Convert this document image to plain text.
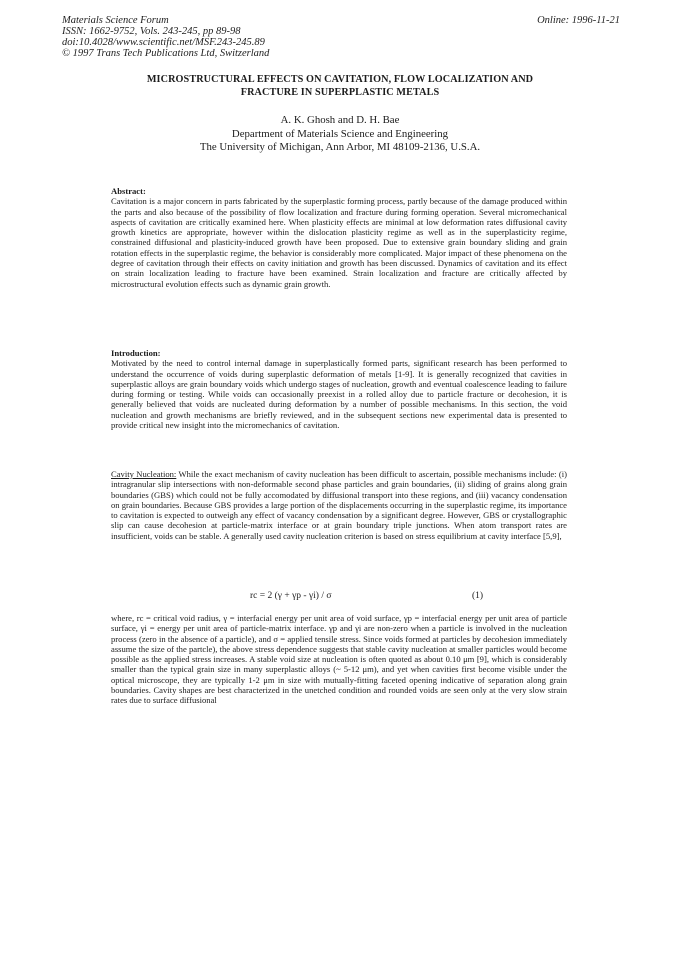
Materials Science Forum
ISSN: 1662-9752, Vols. 243-245, pp 89-98
doi:10.4028/www.scientific.net/MSF.243-245.89
© 1997 Trans Tech Publications Ltd, Switzerland
Online: 1996-11-21
MICROSTRUCTURAL EFFECTS ON CAVITATION, FLOW LOCALIZATION AND
FRACTURE IN SUPERPLASTIC METALS
A. K. Ghosh and D. H. Bae
Department of Materials Science and Engineering
The University of Michigan, Ann Arbor, MI 48109-2136, U.S.A.
Abstract:

Cavitation is a major concern in parts fabricated by the superplastic forming process, partly because of the damage produced within the parts and also because of the possibility of flow localization and fracture during forming operation. Several micromechanical aspects of cavitation are critically examined here. When plasticity effects are minimal at low deformation rates diffusional cavity growth kinetics are appropriate, however within the dislocation plasticity regime as well as in the superplasticity regime, constrained diffusional and plasticity-induced growth have been proposed. Due to extensive grain boundary sliding and grain rotation effects in the superplastic regime, the behavior is considerably more complicated. Major impact of these phenomena on the degree of cavitation through their effects on cavity initiation and growth has been discussed. Dynamics of cavitation and its effect on strain localization leading to fracture have been examined. Strain localization and fracture are critically affected by microstructural evolution effects such as dynamic grain growth.

Introduction:

Motivated by the need to control internal damage in superplastically formed parts, significant research has been performed to understand the occurrence of voids during superplastic deformation of metals [1-9]. It is generally recognized that cavities in superplastic alloys are grain boundary voids which undergo stages of nucleation, growth and eventual coalescence leading to failure during forming or testing. While voids can occasionally preexist in a rolled alloy due to particle fracture or decohesion, it is generally believed that voids are nucleated during deformation by a number of possible mechanisms. In this section, the void nucleation and growth mechanisms are briefly reviewed, and in the subsequent sections new experimental data is presented to provide critical new insight into the micromechanics of cavitation.

Cavity Nucleation: While the exact mechanism of cavity nucleation has been difficult to ascertain, possible mechanisms include: (i) intragranular slip intersections with non-deformable second phase particles and grain boundaries, (ii) sliding of grains along grain boundaries (GBS) which could not be fully accomodated by diffusional transport into these regions, and (iii) vacancy condensation on grain boundaries. Because GBS provides a large portion of the displacements occurring in the superplastic regime, its importance to cavitation is expected to outweigh any effect of vacancy condensation by a significant degree. However, GBS or crystallographic slip can cause decohesion at particle-matrix interface or at grain boundary triple junctions. When atom transport rates are insufficient, voids can be stable. A generally used cavity nucleation criterion is based on stress equilibrium at cavity interface [5,9],

rc = 2 (γ + γp - γi) / σ	(1)

where, rc = critical void radius, γ = interfacial energy per unit area of void surface, γp = interfacial energy per unit area of particle surface, γi = energy per unit area of particle-matrix interface. γp and γi are non-zero when a particle is involved in the nucleation process (zero in the absence of a particle), and σ = applied tensile stress. Since voids formed at particles by decohesion immediately assume the size of the partcle), the above stress dependence suggests that stable cavity nucleation at smaller particles would become possible as the applied stress increases. A stable void size at nucleation is often quoted as about 0.10 μm [9], which is considerably smaller than the typical grain size in many superplastic alloys (~ 5-12 μm), and yet when cavities first become visible under the optical microscope, they are typically 1-2 μm in size with mutually-fitting faceted opening indicative of separation along grain boundaries. Cavity shapes are best characterized in the unetched condition and rounded voids are seen only at the very slow strain rates due to surface diffusional
